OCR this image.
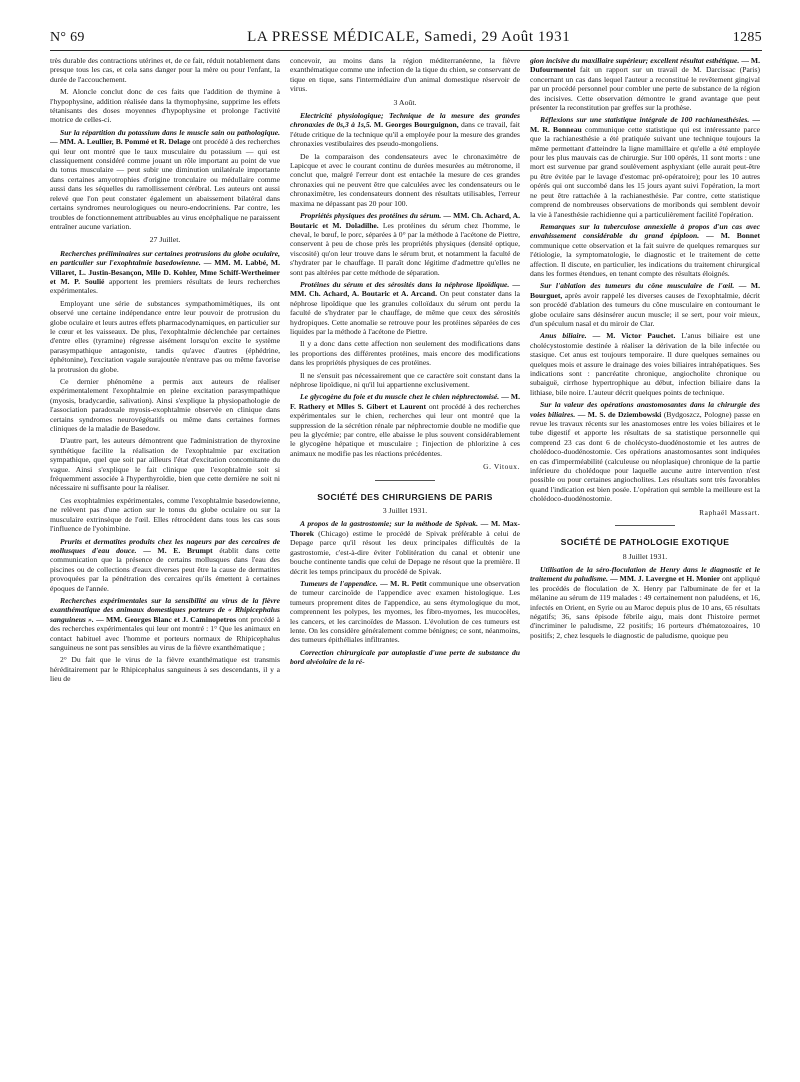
N° 69	LA PRESSE MÉDICALE, Samedi, 29 Août 1931	1285

très durable des contractions utérines et, de ce fait, réduit notablement dans presque tous les cas, et cela sans danger pour la mère ou pour l'enfant, la durée de l'accouchement.

M. Aloncle conclut donc de ces faits que l'addition de thymine à l'hypophysine, addition réalisée dans la thymophysine, supprime les effets tétanisants des doses moyennes d'hypophysine et prolonge l'activité motrice de celles-ci.

Sur la répartition du potassium dans le muscle sain ou pathologique. — MM. A. Leullier, B. Pommé et R. Delage ont procédé à des recherches qui leur ont montré que le taux musculaire du potassium — qui est classiquement considéré comme jouant un rôle important au point de vue du tonus musculaire — peut subir une diminution unilatérale importante dans certaines amyotrophies d'origine tronculaire ou médullaire comme aussi dans les séquelles du ramollissement cérébral. Les auteurs ont aussi relevé que l'on peut constater également un abaissement bilatéral dans certains syndromes neurologiques ou neuro-endocriniens. Par contre, les troubles de fonctionnement attribuables au virus encéphalique ne paraissent entraîner aucune variation.

27 Juillet.

Recherches préliminaires sur certaines protrusions du globe oculaire, en particulier sur l'exophtalmie basedowienne. — MM. M. Labbé, M. Villaret, L. Justin-Besançon, Mlle D. Kohler, Mme Schiff-Wertheimer et M. P. Soulié apportent les premiers résultats de leurs recherches expérimentales.

Employant une série de substances sympathomimétiques, ils ont observé une certaine indépendance entre leur pouvoir de protrusion du globe oculaire et leurs autres effets pharmacodynamiques, en particulier sur le cœur et les vaisseaux. De plus, l'exophtalmie déclenchée par certaines d'entre elles (tyramine) régresse aisément lorsqu'on excite le système parasympathique antagoniste, tandis qu'avec d'autres (éphédrine, éphétonine), l'excitation vagale surajoutée n'entrave pas ou même favorise la protrusion du globe.

Ce dernier phénomène a permis aux auteurs de réaliser expérimentalement l'exophtalmie en pleine excitation parasympathique (myosis, bradycardie, salivation). Ainsi s'explique la physiopathologie de l'association paradoxale myosis-exophtalmie observée en clinique dans certains syndromes neurovégétatifs ou même dans certaines formes cliniques de la maladie de Basedow.

D'autre part, les auteurs démontrent que l'administration de thyroxine synthétique facilite la réalisation de l'exophtalmie par excitation sympathique, quel que soit par ailleurs l'état d'excitation concomitante du vague. Ainsi s'explique le fait clinique que l'exophtalmie soit si fréquemment associée à l'hyperthyroïdie, bien que cette dernière ne soit ni nécessaire ni suffisante pour la réaliser.

Ces exophtalmies expérimentales, comme l'exophtalmie basedowienne, ne relèvent pas d'une action sur le tonus du globe oculaire ou sur la musculaire extrinsèque de l'œil. Elles rétrocèdent dans tous les cas sous l'influence de l'yohimbine.

Prurits et dermatites produits chez les nageurs par des cercaires de mollusques d'eau douce. — M. E. Brumpt établit dans cette communication que la présence de certains mollusques dans l'eau des piscines ou de collections d'eaux diverses peut être la cause de dermatites provoquées par la pénétration des cercaires qu'ils émettent à certaines époques de l'année.

Recherches expérimentales sur la sensibilité au virus de la fièvre exanthématique des animaux domestiques porteurs de « Rhipicephalus sanguineus ». — MM. Georges Blanc et J. Caminopetros ont procédé à des recherches expérimentales qui leur ont montré : 1° Que les animaux en contact habituel avec l'homme et porteurs normaux de Rhipicephalus sanguineus ne sont pas sensibles au virus de la fièvre exanthématique ;

2° Du fait que le virus de la fièvre exanthématique est transmis héréditairement par le Rhipicephalus sanguineus à ses descendants, il y a lieu de

concevoir, au moins dans la région méditerranéenne, la fièvre exanthématique comme une infection de la tique du chien, se conservant de tique en tique, sans l'intermédiaire d'un animal domestique réservoir de virus.

3 Août.

Electricité physiologique; Technique de la mesure des grandes chronaxies de 0s,3 à 1s,5. M. Georges Bourguignon, dans ce travail, fait l'étude critique de la technique qu'il a employée pour la mesure des grandes chronaxies vestibulaires des pseudo-mongoliens.

De la comparaison des condensateurs avec le chronaximètre de Lapicque et avec le courant continu de durées mesurées au métronome, il conclut que, malgré l'erreur dont est entachée la mesure de ces grandes chronaxies qui ne peuvent être que calculées avec les condensateurs ou le chronaximètre, les condensateurs donnent des résultats utilisables, l'erreur maxima ne dépassant pas 20 pour 100.

Propriétés physiques des protéines du sérum. — MM. Ch. Achard, A. Boutaric et M. Doladilhe. Les protéines du sérum chez l'homme, le cheval, le bœuf, le porc, séparées à 0° par la méthode à l'acétone de Piettre, conservent à peu de chose près les propriétés physiques (densité optique, viscosité) qu'on leur trouve dans le sérum brut, et notamment la faculté de s'hydrater par le chauffage. Il paraît donc légitime d'admettre qu'elles ne sont pas altérées par cette méthode de séparation.

Protéines du sérum et des sérosités dans la néphrose lipoïdique. — MM. Ch. Achard, A. Boutaric et A. Arcand. On peut constater dans la néphrose lipoïdique que les granules colloïdaux du sérum ont perdu la faculté de s'hydrater par le chauffage, de même que ceux des sérosités hydropiques. Cette anomalie se retrouve pour les protéines séparées de ces liquides par la méthode à l'acétone de Piettre.

Il y a donc dans cette affection non seulement des modifications dans les proportions des différentes protéines, mais encore des modifications dans les propriétés physiques de ces protéines.

Il ne s'ensuit pas nécessairement que ce caractère soit constant dans la néphrose lipoïdique, ni qu'il lui appartienne exclusivement.

Le glycogène du foie et du muscle chez le chien néphrectomisé. — M. F. Rathery et Mlles S. Gibert et Laurent ont procédé à des recherches expérimentales sur le chien, recherches qui leur ont montré que la suppression de la sécrétion rénale par néphrectomie double ne modifie que peu la glycémie; par contre, elle abaisse le plus souvent considérablement le glycogène hépatique et musculaire ; l'injection de phlorizine à ces animaux ne modifie pas les réactions précédentes.

G. Vitoux.
SOCIÉTÉ DES CHIRURGIENS DE PARIS
3 Juillet 1931.

A propos de la gastrostomie; sur la méthode de Spivak. — M. Max-Thorek (Chicago) estime le procédé de Spivak préférable à celui de Depage parce qu'il résout les deux principales difficultés de la gastrostomie, c'est-à-dire éviter l'oblitération du canal et obtenir une bouche continente tandis que celui de Depage ne résout que la première. Il décrit les temps principaux du procédé de Spivak.

Tumeurs de l'appendice. — M. R. Petit communique une observation de tumeur carcinoïde de l'appendice avec examen histologique. Les tumeurs proprement dites de l'appendice, au sens étymologique du mot, comprennent les polypes, les myomes, les fibro-myomes, les mucocèles, les cancers, et les carcinoïdes de Masson. L'évolution de ces tumeurs est lente. On les considère généralement comme bénignes; ce sont, néanmoins, des tumeurs épithéliales infiltrantes.

Correction chirurgicale par autoplastie d'une perte de substance du bord alvéolaire de la ré-

gion incisive du maxillaire supérieur; excellent résultat esthétique. — M. Dufourmentel fait un rapport sur un travail de M. Darcissac (Paris) concernant un cas dans lequel l'auteur a reconstitué le revêtement gingival par un procédé personnel pour combler une perte de substance de la région des incisives. Cette observation démontre le grand avantage que peut présenter la reconstitution par greffes sur la prothèse.

Réflexions sur une statistique intégrale de 100 rachianesthésies. — M. R. Bonneau communique cette statistique qui est intéressante parce que la rachianesthésie a été pratiquée suivant une technique toujours la même permettant d'atteindre la ligne mamillaire et qu'elle a été employée pour les plus mauvais cas de chirurgie. Sur 100 opérés, 11 sont morts : une mort est survenue par grand soulèvement asphyxiant (elle aurait peut-être pu être évitée par le lavage d'estomac pré-opératoire); pour les 10 autres opérés qui ont succombé dans les 15 jours ayant suivi l'opération, la mort ne peut être rattachée à la rachianesthésie. Par contre, cette statistique comprend de nombreuses observations de moribonds qui semblent devoir la vie à l'anesthésie rachidienne qui a particulièrement facilité l'opération.

Remarques sur la tuberculose annexielle à propos d'un cas avec envahissement considérable du grand épiploon. — M. Bonnet communique cette observation et la fait suivre de quelques remarques sur l'étiologie, la symptomatologie, le diagnostic et le traitement de cette affection. Il discute, en particulier, les indications du traitement chirurgical dans les formes étendues, en tenant compte des résultats éloignés.

Sur l'ablation des tumeurs du cône musculaire de l'œil. — M. Bourguet, après avoir rappelé les diverses causes de l'exophtalmie, décrit son procédé d'ablation des tumeurs du cône musculaire en contournant le globe oculaire sans désinsérer aucun muscle; il se sert, pour voir mieux, d'un spéculum nasal et du miroir de Clar.

Anus biliaire. — M. Victor Pauchet. L'anus biliaire est une cholécystostomie destinée à réaliser la dérivation de la bile infectée ou stasique. Cet anus est toujours temporaire. Il dure quelques semaines ou quelques mois et assure le drainage des voies biliaires intrahépatiques. Ses indications sont : pancréatite chronique, angiocholite chronique ou subaiguë, cirrhose hypertrophique au début, infection biliaire dans la lithiase, bile noire. L'auteur décrit quelques points de technique.

Sur la valeur des opérations anastomosantes dans la chirurgie des voies biliaires. — M. S. de Dziembowski (Bydgoszcz, Pologne) passe en revue les travaux récents sur les anastomoses entre les voies biliaires et le tube digestif et apporte les résultats de sa statistique personnelle qui comprend 23 cas dont 6 de cholécysto-duodénostomie et les autres de cholédoco-duodénostomie. Ces opérations anastomosantes sont indiquées en cas d'imperméabilité (calculeuse ou néoplasique) chronique de la partie inférieure du cholédoque pour laquelle aucune autre intervention n'est possible ou pour certaines angiocholites. Les résultats sont très favorables quand l'indication est bien posée. L'opération qui semble la meilleure est la cholédoco-duodénostomie.

Raphaël Massart.
SOCIÉTÉ DE PATHOLOGIE EXOTIQUE
8 Juillet 1931.

Utilisation de la séro-floculation de Henry dans le diagnostic et le traitement du paludisme. — MM. J. Lavergne et H. Monier ont appliqué les procédés de floculation de X. Henry par l'albuminate de fer et la mélanine au sérum de 119 malades : 49 certainement non paludéens, et 16, infectés en Orient, en Syrie ou au Maroc depuis plus de 10 ans, 65 résultats négatifs; 36, sans épisode fébrile aigu, mais dont l'histoire permet d'incriminer le paludisme, 22 positifs; 16 porteurs d'hématozoaires, 10 positifs; 2, chez lesquels le diagnostic de paludisme, quoique peu
